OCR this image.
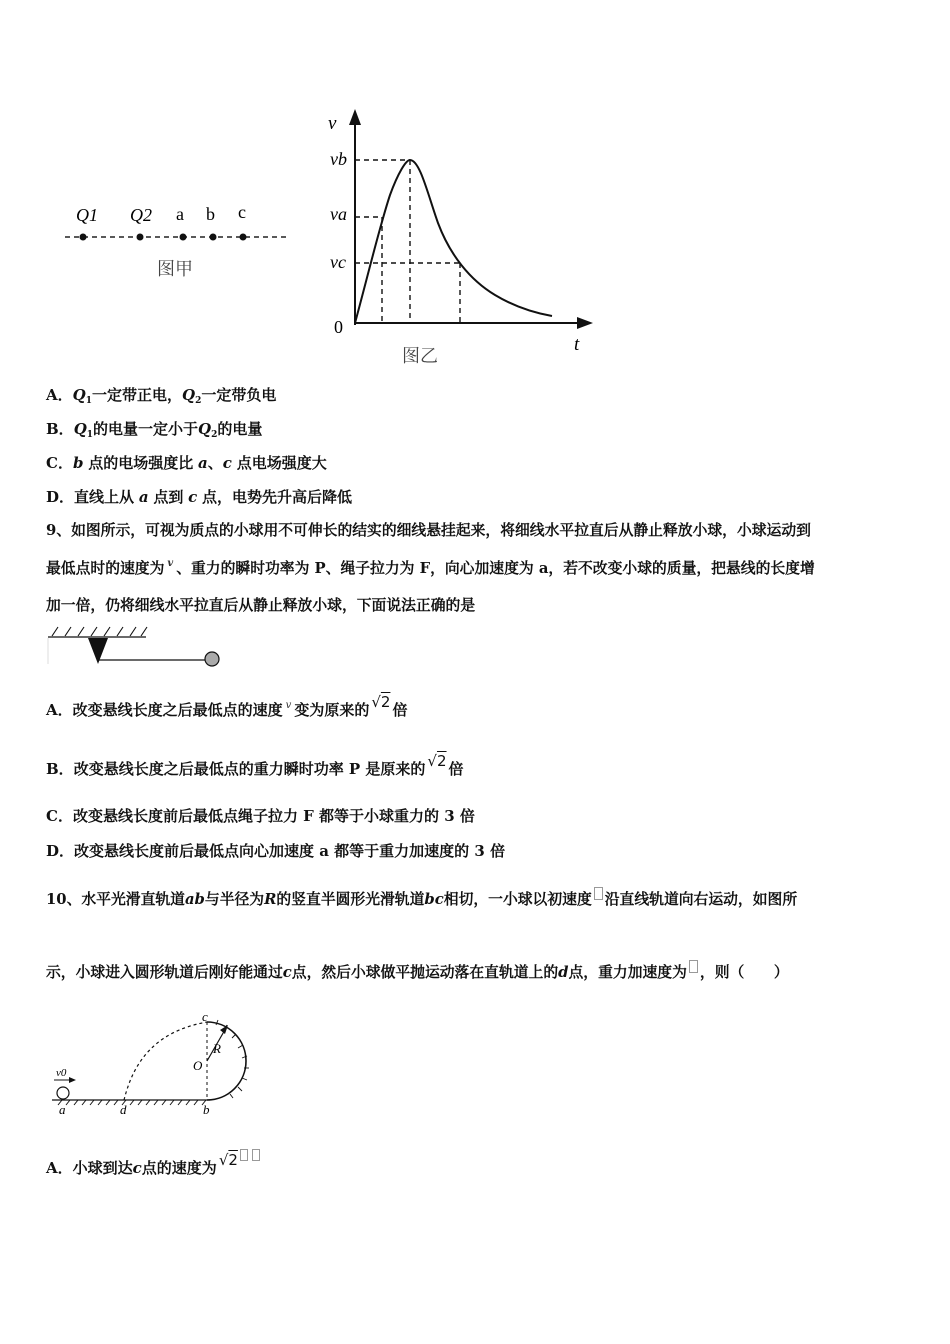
Q1 Q2 a b c
图甲
v
t
0
vb
va
vc
图乙
A．$Q_1$一定带正电，$Q_2$一定带负电
B．$Q_1$的电量一定小于$Q_2$的电量
C．b 点的电场强度比 a、c 点电场强度大
D．直线上从 a 点到 c 点，电势先升高后降低
9、如图所示，可视为质点的小球用不可伸长的结实的细线悬挂起来，将细线水平拉直后从静止释放小球，小球运动到
最低点时的速度为 $^v$ 、重力的瞬时功率为 P、绳子拉力为 F，向心加速度为 a，若不改变小球的质量，把悬线的长度增
加一倍，仍将细线水平拉直后从静止释放小球，下面说法正确的是
A．改变悬线长度之后最低点的速度 $^v$ 变为原来的 √2 倍
B．改变悬线长度之后最低点的重力瞬时功率 P 是原来的 √2 倍
C．改变悬线长度前后最低点绳子拉力 F 都等于小球重力的 3 倍
D．改变悬线长度前后最低点向心加速度 a 都等于重力加速度的 3 倍
10、水平光滑直轨道ab与半径为R的竖直半圆形光滑轨道bc相切，一小球以初速度 沿直线轨道向右运动，如图所
示，小球进入圆形轨道后刚好能通过c点，然后小球做平抛运动落在直轨道上的d点，重力加速度为 ，则（　　）
v0
a	d	b
c
O
R
A．小球到达c点的速度为 √2
